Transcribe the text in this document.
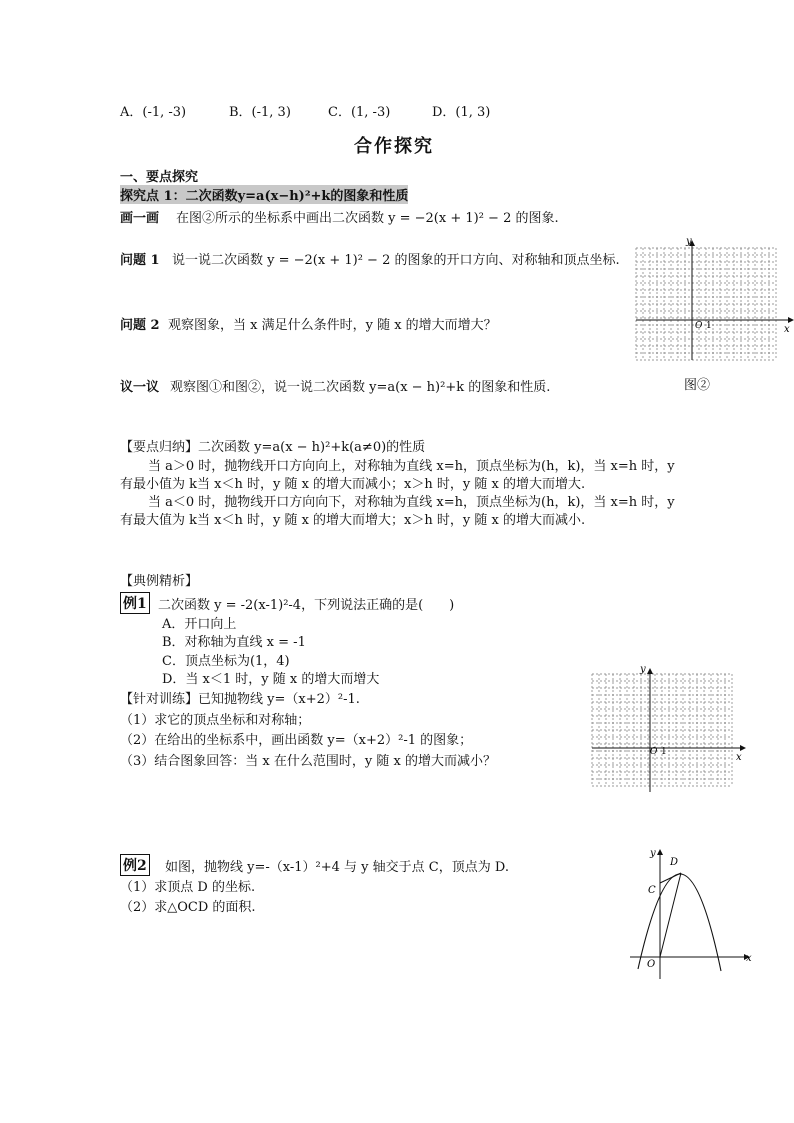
A．(-1, -3)	B．(-1, 3)	C．(1, -3)	D．(1, 3)
合作探究
一、要点探究
探究点 1：二次函数y=a(x−h)²+k的图象和性质
画一画 在图②所示的坐标系中画出二次函数 y = −2(x + 1)² − 2 的图象.
问题 1 说一说二次函数 y = −2(x + 1)² − 2 的图象的开口方向、对称轴和顶点坐标.
问题 2 观察图象，当 x 满足什么条件时，y 随 x 的增大而增大？
议一议 观察图①和图②，说一说二次函数 y=a(x − h)²+k 的图象和性质.	图②
x
y
O 1
【要点归纳】二次函数 y=a(x − h)²+k(a≠0)的性质
当 a＞0 时，抛物线开口方向向上，对称轴为直线 x=h，顶点坐标为(h，k)，当 x=h 时，y
有最小值为 k当 x＜h 时，y 随 x 的增大而减小；x＞h 时，y 随 x 的增大而增大.
当 a＜0 时，抛物线开口方向向下，对称轴为直线 x=h，顶点坐标为(h，k)，当 x=h 时，y
有最大值为 k当 x＜h 时，y 随 x 的增大而增大；x＞h 时，y 随 x 的增大而减小.
【典例精析】
例1 二次函数 y = -2(x-1)²-4，下列说法正确的是(　　)
A．开口向上
B．对称轴为直线 x = -1
C．顶点坐标为(1，4)
D．当 x＜1 时，y 随 x 的增大而增大
【针对训练】已知抛物线 y=（x+2）²-1.
（1）求它的顶点坐标和对称轴；
（2）在给出的坐标系中，画出函数 y=（x+2）²-1 的图象；
（3）结合图象回答：当 x 在什么范围时，y 随 x 的增大而减小？	x
y
O 1
例2 如图，抛物线 y=-（x-1）²+4 与 y 轴交于点 C，顶点为 D.
（1）求顶点 D 的坐标.
（2）求△OCD 的面积.
x
y
O
C
D
